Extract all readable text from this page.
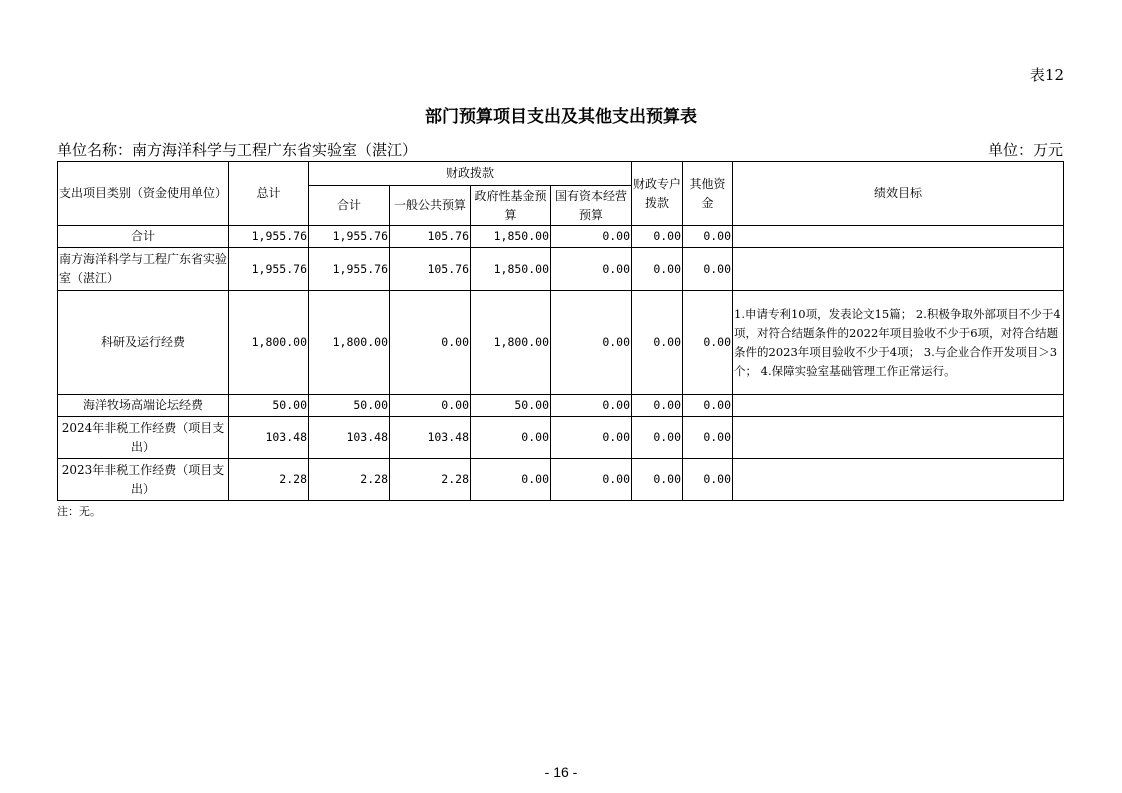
表12
部门预算项目支出及其他支出预算表
单位名称：南方海洋科学与工程广东省实验室（湛江）	单位：万元
支出项目类别（资金使用单位）	总计	财政拨款				财政专户拨款	其他资金	绩效目标
		合计	一般公共预算	政府性基金预算	国有资本经营预算			
合计	1,955.76	1,955.76	105.76	1,850.00	0.00	0.00	0.00	
南方海洋科学与工程广东省实验室（湛江）	1,955.76	1,955.76	105.76	1,850.00	0.00	0.00	0.00	
科研及运行经费	1,800.00	1,800.00	0.00	1,800.00	0.00	0.00	0.00	1.申请专利10项，发表论文15篇； 2.积极争取外部项目不少于4项，对符合结题条件的2022年项目验收不少于6项，对符合结题条件的2023年项目验收不少于4项； 3.与企业合作开发项目＞3个； 4.保障实验室基础管理工作正常运行。
海洋牧场高端论坛经费	50.00	50.00	0.00	50.00	0.00	0.00	0.00	
2024年非税工作经费（项目支出）	103.48	103.48	103.48	0.00	0.00	0.00	0.00	
2023年非税工作经费（项目支出）	2.28	2.28	2.28	0.00	0.00	0.00	0.00	
注：无。
- 16 -
